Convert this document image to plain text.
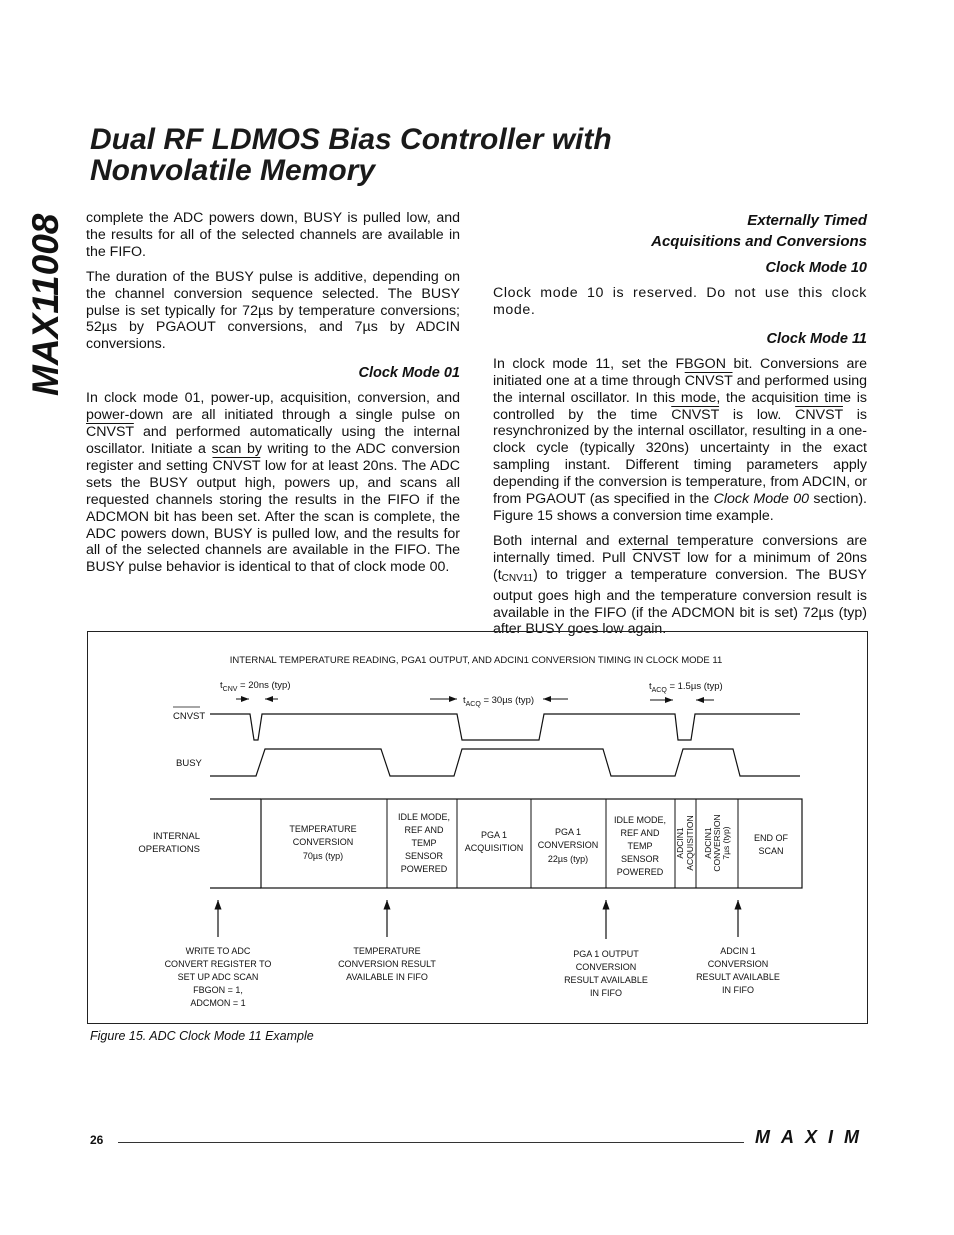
MAX11008
Dual RF LDMOS Bias Controller with
Nonvolatile Memory

complete the ADC powers down, BUSY is pulled low, and the results for all of the selected channels are available in the FIFO.

The duration of the BUSY pulse is additive, depending on the channel conversion sequence selected. The BUSY pulse is set typically for 72µs by temperature conversions; 52µs by PGAOUT conversions, and 7µs by ADCIN conversions.

Clock Mode 01

In clock mode 01, power-up, acquisition, conversion, and power-down are all initiated through a single pulse on CNVST and performed automatically using the internal oscillator. Initiate a scan by writing to the ADC conversion register and setting CNVST low for at least 20ns. The ADC sets the BUSY output high, powers up, and scans all requested channels storing the results in the FIFO if the ADCMON bit has been set. After the scan is complete, the ADC powers down, BUSY is pulled low, and the results for all of the selected channels are available in the FIFO. The BUSY pulse behavior is identical to that of clock mode 00.

Externally Timed
Acquisitions and Conversions

Clock Mode 10

Clock mode 10 is reserved. Do not use this clock mode.

Clock Mode 11

In clock mode 11, set the FBGON bit. Conversions are initiated one at a time through CNVST and performed using the internal oscillator. In this mode, the acquisition time is controlled by the time CNVST is low. CNVST is resynchronized by the internal oscillator, resulting in a one-clock cycle (typically 320ns) uncertainty in the exact sampling instant. Different timing parameters apply depending if the conversion is temperature, from ADCIN, or from PGAOUT (as specified in the Clock Mode 00 section). Figure 15 shows a conversion time example.

Both internal and external temperature conversions are internally timed. Pull CNVST low for a minimum of 20ns $(t_{CNV11})$ to trigger a temperature conversion. The BUSY output goes high and the temperature conversion result is available in the FIFO (if the ADCMON bit is set) 72µs (typ) after BUSY goes low again.

INTERNAL TEMPERATURE READING, PGA1 OUTPUT, AND ADCIN1 CONVERSION TIMING IN CLOCK MODE 11
$t_{CNV} = 20ns$ (typ)
$t_{ACQ} = 30\mu s$ (typ)
$t_{ACQ} = 1.5\mu s$ (typ)
CNVST
BUSY
INTERNAL OPERATIONS
TEMPERATURE CONVERSION 70µs (typ)
IDLE MODE, REF AND TEMP SENSOR POWERED
PGA 1 ACQUISITION
PGA 1 CONVERSION 22µs (typ)
IDLE MODE, REF AND TEMP SENSOR POWERED
END OF SCAN
ADCIN1ACQUISITION ADCIN1CONVERSION7µs (typ)
WRITE TO ADC CONVERT REGISTER TO SET UP ADC SCAN FBGON = 1, ADCMON = 1
TEMPERATURE CONVERSION RESULT AVAILABLE IN FIFO
PGA 1 OUTPUT CONVERSION RESULT AVAILABLE IN FIFO
ADCIN 1 CONVERSION RESULT AVAILABLE IN FIFO
Figure 15. ADC Clock Mode 11 Example
26	MAXIM
